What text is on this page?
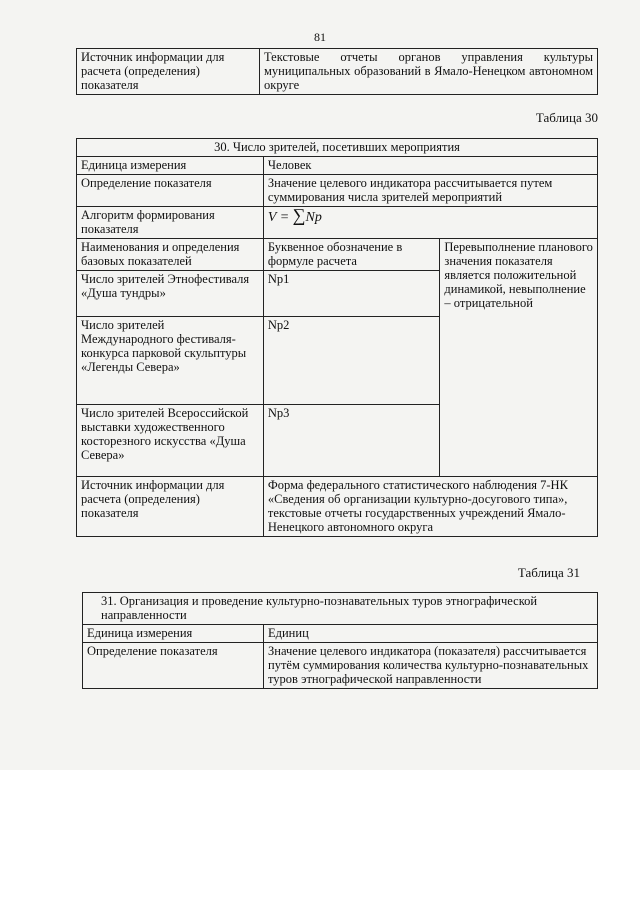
81
Источник информации для расчета (определения) показателя	Текстовые отчеты органов управления культуры муниципальных образований в Ямало-Ненецком автономном округе
Таблица 30
30. Число зрителей, посетивших мероприятия		
Единица измерения	Человек	
Определение показателя	Значение целевого индикатора рассчитывается путем суммирования числа зрителей мероприятий	
Алгоритм формирования показателя	V = ∑Np	
Наименования и определения базовых показателей	Буквенное обозначение в формуле расчета	Перевыполнение планового значения показателя является положительной динамикой, невыполнение – отрицательной
Число зрителей Этнофестиваля «Душа тундры»	Np1	
Число зрителей Международного фестиваля-конкурса парковой скульптуры «Легенды Севера»	Np2	
Число зрителей Всероссийской выставки художественного косторезного искусства «Душа Севера»	Np3	
Источник информации для расчета (определения) показателя	Форма федерального статистического наблюдения 7-НК «Сведения об организации культурно-досугового типа», текстовые отчеты государственных учреждений Ямало-Ненецкого автономного округа	
Таблица 31
31. Организация и проведение культурно-познавательных туров этнографической направленности	
Единица измерения	Единиц
Определение показателя	Значение целевого индикатора (показателя) рассчитывается путём суммирования количества культурно-познавательных туров этнографической направленности
